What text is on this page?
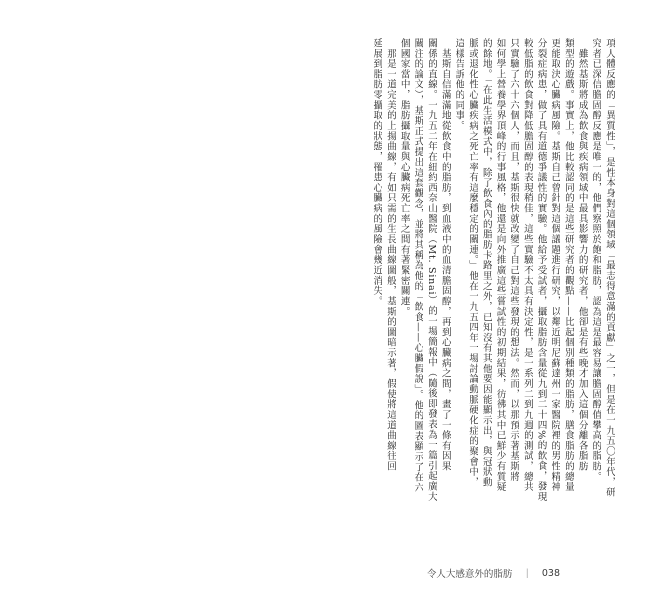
項人體反應的「異質性」，是性本身對這個領域「最志得意滿的貢獻」之一，但是在一九五〇年代，研
究者已深信膽固醇反應是唯一的，他們察照於飽和脂肪，認為這是最容易讓膽固醇值攀高的脂肪。
　雖然基斯將成為飲食與疾病領域中最具影響力的研究者，他卻是有些晚才加入這個分離各脂肪
類型的遊戲。事實上，他比較認同的是這些研究者的觀點——比起個別種類的脂肪，膳食脂肪的總量
更能取決心臟病風險。基斯自己曾針對這個議題進行研究，以鄰近明尼蘇達州一家醫院裡的男性精神
分裂症病患，做了具有道德爭議性的實驗。他給予受試者，攝取脂肪含量從九到二十四%的飲食，發現
較低脂的飲食對降低膽固醇的表現稍佳，這些實驗不太具有決定性，是一系列二到九週的測試，總共
只實驗了六十六個人，而且，基斯很快就改變了自己對這些發現的想法。然而，以那預示著基斯將
如何學上營養學界頂峰的行事風格，他還是向外推廣這些嘗試性的初期結果，彷彿其中已鮮少有質疑
的餘地。「在此生活模式中，除了飲食內的脂肪卡路里之外，已知沒有其他要因能顯示出，與冠狀動
脈或退化性心臟疾病之死亡率有這麼穩定的關連。」他在一九五四年一場討論動脈硬化症的聚會中，
這樣告訴他的同事。
　基斯自信滿滿地從飲食中的脂肪，到血液中的血清膽固醇，再到心臟病之間，畫了一條有因果
關係的直線。一九五二年在紐約西奈山醫院（Mt. Sinai）的一場簡報中（隨後即發表為一篇引起廣大
關注的論文），基斯正式提出這套觀念，並將其稱為他的「飲食——心臟假說」。他的圖表顯示了在六
個國家當中，脂肪攝取量與心臟病死亡率之間有著緊密關連。
　那是一道完美的上揚曲線，有如只需的生長曲線圖般，基斯的圖暗示著，假使將這道曲線往回
延展到脂肪零攝取的狀態，罹患心臟病的風險會幾近消失。
令人大感意外的脂肪 ｜ 038
